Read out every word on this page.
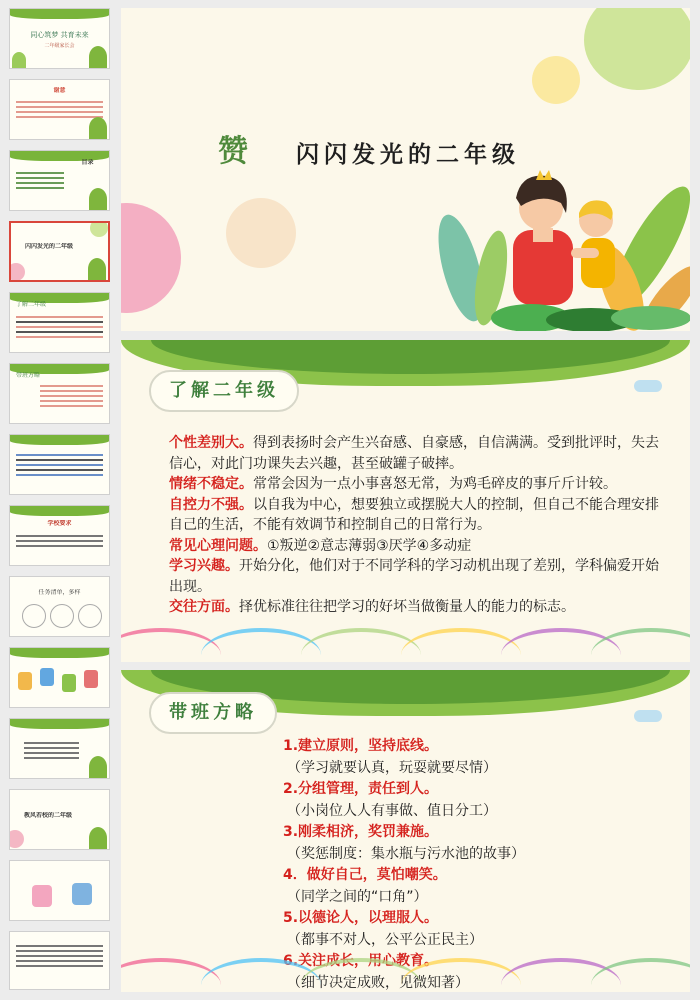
同心筑梦 共育未来
二年级家长会
谢意
目录
闪闪发光的二年级
了解二年级
带班方略
学校要求
任务清单，多样
教风若校的二年级
赞 闪闪发光的二年级
了解二年级

个性差别大。得到表扬时会产生兴奋感、自豪感，自信满满。受到批评时，失去信心，对此门功课失去兴趣，甚至破罐子破摔。

情绪不稳定。常常会因为一点小事喜怒无常，为鸡毛碎皮的事斤斤计较。

自控力不强。以自我为中心，想要独立或摆脱大人的控制，但自己不能合理安排自己的生活，不能有效调节和控制自己的日常行为。

常见心理问题。①叛逆②意志薄弱③厌学④多动症

学习兴趣。开始分化，他们对于不同学科的学习动机出现了差别，学科偏爱开始出现。

交往方面。择优标准往往把学习的好坏当做衡量人的能力的标志。

带班方略

1.建立原则，坚持底线。

（学习就要认真，玩耍就要尽情）

2.分组管理，责任到人。

（小岗位人人有事做、值日分工）

3.刚柔相济，奖罚兼施。

（奖惩制度：集水瓶与污水池的故事）

4．做好自己，莫怕嘲笑。

（同学之间的“口角”）

5.以德论人，以理服人。

（都事不对人，公平公正民主）

6.关注成长，用心教育。

（细节决定成败，见微知著）
